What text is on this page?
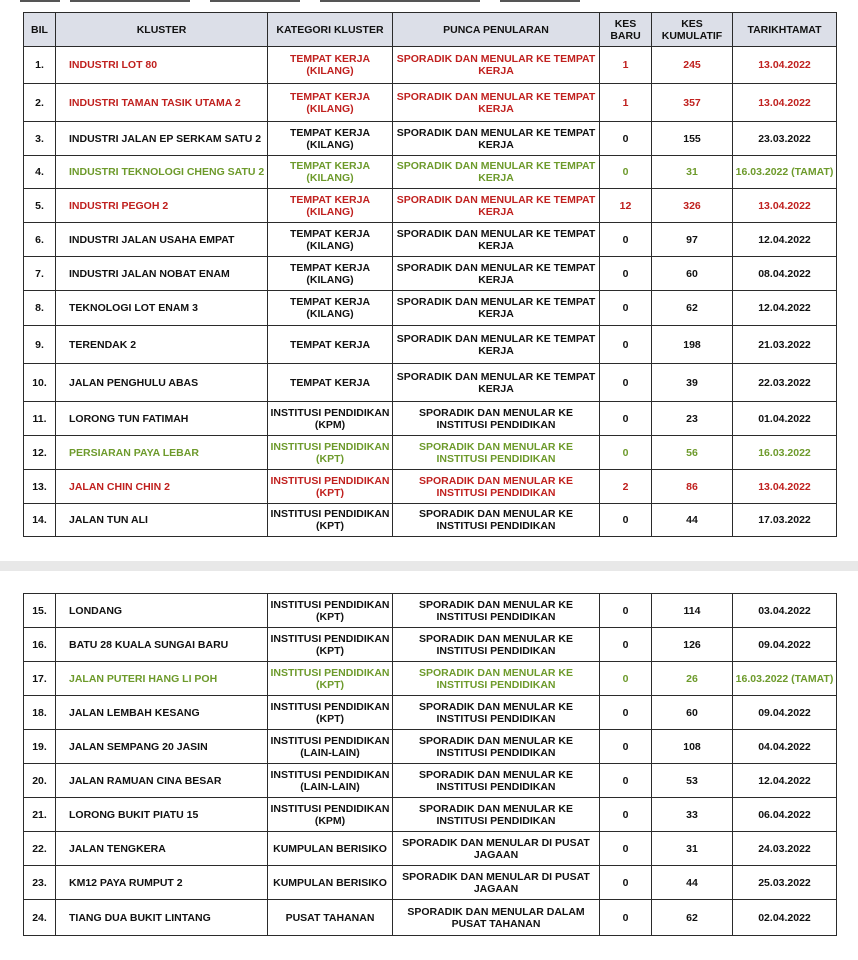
BIL	KLUSTER	KATEGORI KLUSTER	PUNCA PENULARAN	KES BARU	KES KUMULATIF	TARIKHTAMAT
1.	INDUSTRI LOT 80	TEMPAT KERJA (KILANG)	SPORADIK DAN MENULAR KE TEMPAT KERJA	1	245	13.04.2022
2.	INDUSTRI TAMAN TASIK UTAMA 2	TEMPAT KERJA (KILANG)	SPORADIK DAN MENULAR KE TEMPAT KERJA	1	357	13.04.2022
3.	INDUSTRI JALAN EP SERKAM SATU 2	TEMPAT KERJA (KILANG)	SPORADIK DAN MENULAR KE TEMPAT KERJA	0	155	23.03.2022
4.	INDUSTRI TEKNOLOGI CHENG SATU 2	TEMPAT KERJA (KILANG)	SPORADIK DAN MENULAR KE TEMPAT KERJA	0	31	16.03.2022 (TAMAT)
5.	INDUSTRI PEGOH 2	TEMPAT KERJA (KILANG)	SPORADIK DAN MENULAR KE TEMPAT KERJA	12	326	13.04.2022
6.	INDUSTRI JALAN USAHA EMPAT	TEMPAT KERJA (KILANG)	SPORADIK DAN MENULAR KE TEMPAT KERJA	0	97	12.04.2022
7.	INDUSTRI JALAN NOBAT ENAM	TEMPAT KERJA (KILANG)	SPORADIK DAN MENULAR KE TEMPAT KERJA	0	60	08.04.2022
8.	TEKNOLOGI LOT ENAM 3	TEMPAT KERJA (KILANG)	SPORADIK DAN MENULAR KE TEMPAT KERJA	0	62	12.04.2022
9.	TERENDAK 2	TEMPAT KERJA	SPORADIK DAN MENULAR KE TEMPAT KERJA	0	198	21.03.2022
10.	JALAN PENGHULU ABAS	TEMPAT KERJA	SPORADIK DAN MENULAR KE TEMPAT KERJA	0	39	22.03.2022
11.	LORONG TUN FATIMAH	INSTITUSI PENDIDIKAN (KPM)	SPORADIK DAN MENULAR KE INSTITUSI PENDIDIKAN	0	23	01.04.2022
12.	PERSIARAN PAYA LEBAR	INSTITUSI PENDIDIKAN (KPT)	SPORADIK DAN MENULAR KE INSTITUSI PENDIDIKAN	0	56	16.03.2022
13.	JALAN CHIN CHIN 2	INSTITUSI PENDIDIKAN (KPT)	SPORADIK DAN MENULAR KE INSTITUSI PENDIDIKAN	2	86	13.04.2022
14.	JALAN TUN ALI	INSTITUSI PENDIDIKAN (KPT)	SPORADIK DAN MENULAR KE INSTITUSI PENDIDIKAN	0	44	17.03.2022
15.	LONDANG	INSTITUSI PENDIDIKAN (KPT)	SPORADIK DAN MENULAR KE INSTITUSI PENDIDIKAN	0	114	03.04.2022
16.	BATU 28 KUALA SUNGAI BARU	INSTITUSI PENDIDIKAN (KPT)	SPORADIK DAN MENULAR KE INSTITUSI PENDIDIKAN	0	126	09.04.2022
17.	JALAN PUTERI HANG LI POH	INSTITUSI PENDIDIKAN (KPT)	SPORADIK DAN MENULAR KE INSTITUSI PENDIDIKAN	0	26	16.03.2022 (TAMAT)
18.	JALAN LEMBAH KESANG	INSTITUSI PENDIDIKAN (KPT)	SPORADIK DAN MENULAR KE INSTITUSI PENDIDIKAN	0	60	09.04.2022
19.	JALAN SEMPANG 20 JASIN	INSTITUSI PENDIDIKAN (LAIN-LAIN)	SPORADIK DAN MENULAR KE INSTITUSI PENDIDIKAN	0	108	04.04.2022
20.	JALAN RAMUAN CINA BESAR	INSTITUSI PENDIDIKAN (LAIN-LAIN)	SPORADIK DAN MENULAR KE INSTITUSI PENDIDIKAN	0	53	12.04.2022
21.	LORONG BUKIT PIATU 15	INSTITUSI PENDIDIKAN (KPM)	SPORADIK DAN MENULAR KE INSTITUSI PENDIDIKAN	0	33	06.04.2022
22.	JALAN TENGKERA	KUMPULAN BERISIKO	SPORADIK DAN MENULAR DI PUSAT JAGAAN	0	31	24.03.2022
23.	KM12 PAYA RUMPUT 2	KUMPULAN BERISIKO	SPORADIK DAN MENULAR DI PUSAT JAGAAN	0	44	25.03.2022
24.	TIANG DUA BUKIT LINTANG	PUSAT TAHANAN	SPORADIK DAN MENULAR DALAM PUSAT TAHANAN	0	62	02.04.2022
